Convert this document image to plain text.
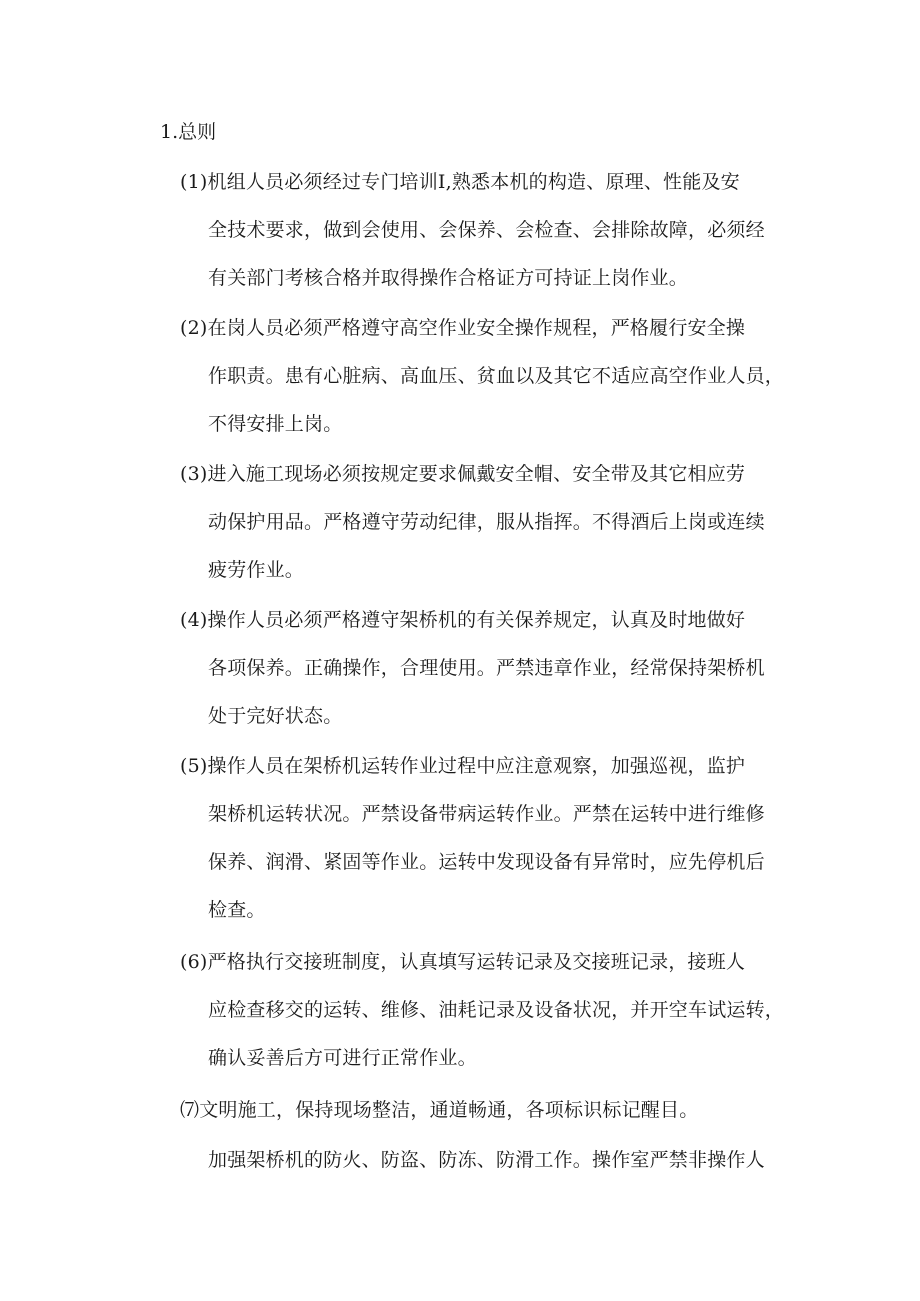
1.总则
(1)机组人员必须经过专门培训I,熟悉本机的构造、原理、性能及安
全技术要求，做到会使用、会保养、会检查、会排除故障，必须经
有关部门考核合格并取得操作合格证方可持证上岗作业。
(2)在岗人员必须严格遵守高空作业安全操作规程，严格履行安全操
作职责。患有心脏病、高血压、贫血以及其它不适应高空作业人员，
不得安排上岗。
(3)进入施工现场必须按规定要求佩戴安全帽、安全带及其它相应劳
动保护用品。严格遵守劳动纪律，服从指挥。不得酒后上岗或连续
疲劳作业。
(4)操作人员必须严格遵守架桥机的有关保养规定，认真及时地做好
各项保养。正确操作，合理使用。严禁违章作业，经常保持架桥机
处于完好状态。
(5)操作人员在架桥机运转作业过程中应注意观察，加强巡视，监护
架桥机运转状况。严禁设备带病运转作业。严禁在运转中进行维修
保养、润滑、紧固等作业。运转中发现设备有异常时，应先停机后
检查。
(6)严格执行交接班制度，认真填写运转记录及交接班记录，接班人
应检查移交的运转、维修、油耗记录及设备状况，并开空车试运转，
确认妥善后方可进行正常作业。
⑺文明施工，保持现场整洁，通道畅通，各项标识标记醒目。
加强架桥机的防火、防盗、防冻、防滑工作。操作室严禁非操作人
